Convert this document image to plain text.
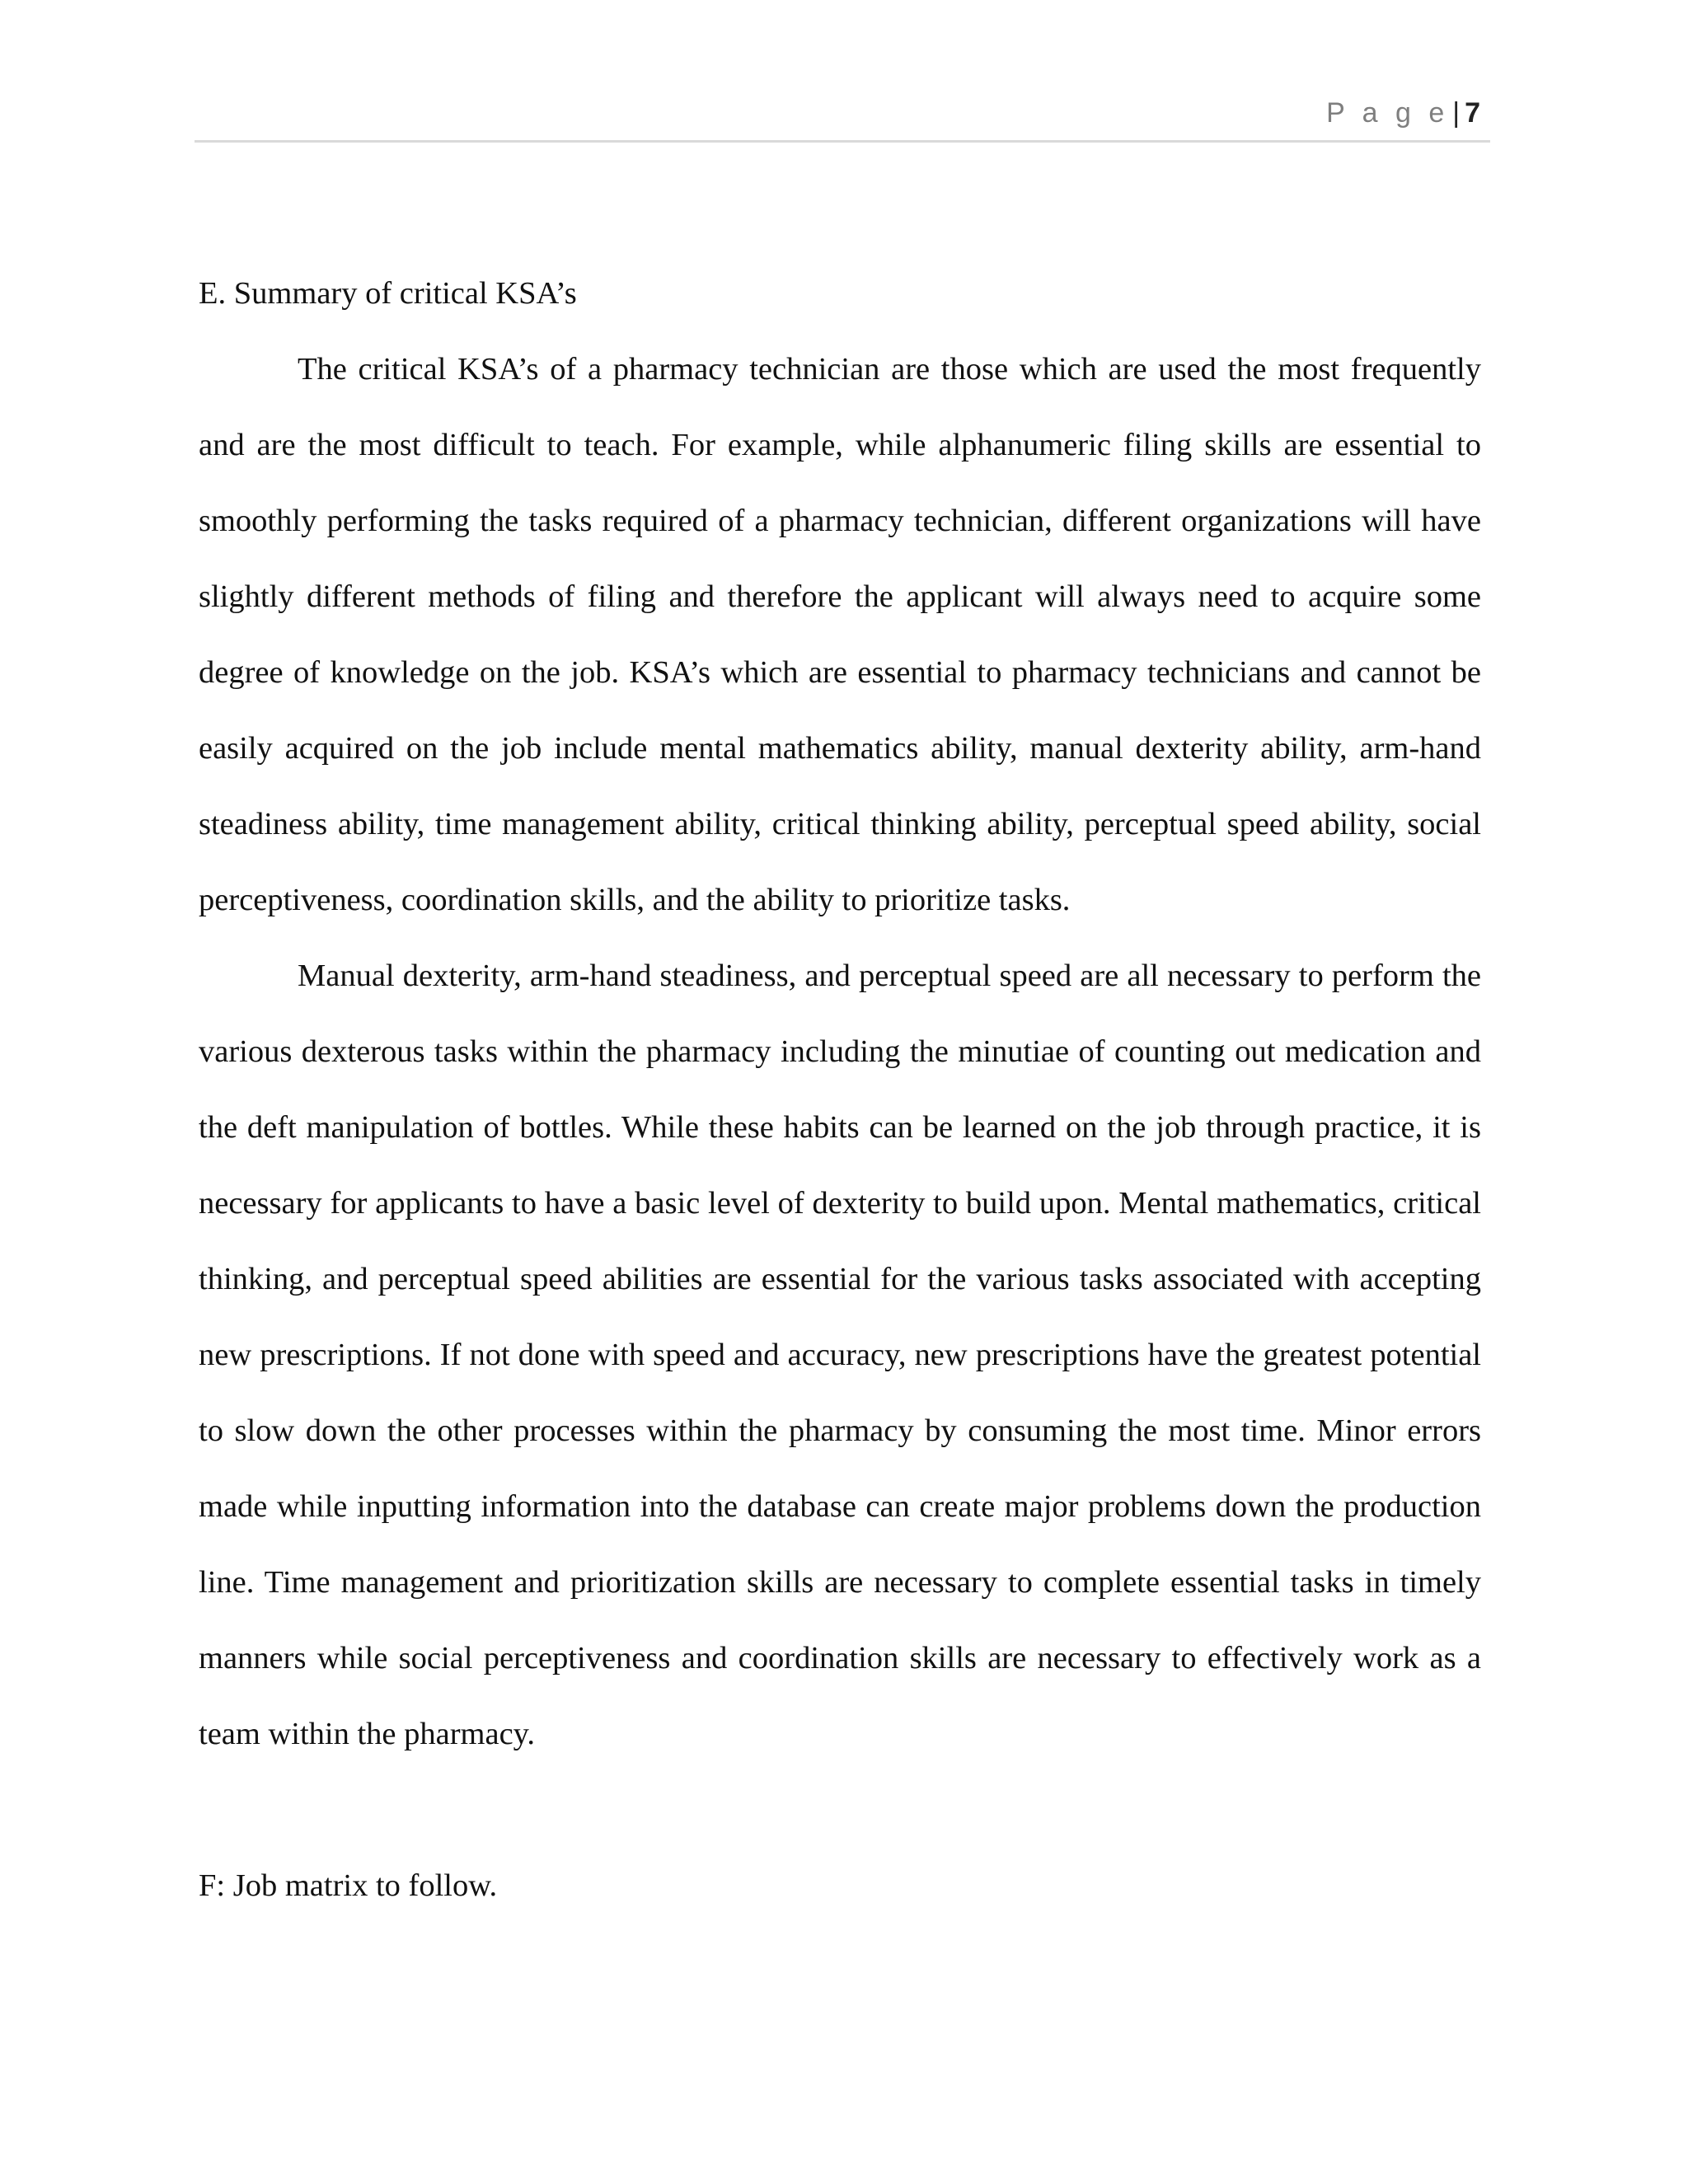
P a g e | 7

E. Summary of critical KSA’s

The critical KSA’s of a pharmacy technician are those which are used the most frequently and are the most difficult to teach. For example, while alphanumeric filing skills are essential to smoothly performing the tasks required of a pharmacy technician, different organizations will have slightly different methods of filing and therefore the applicant will always need to acquire some degree of knowledge on the job. KSA’s which are essential to pharmacy technicians and cannot be easily acquired on the job include mental mathematics ability, manual dexterity ability, arm-hand steadiness ability, time management ability, critical thinking ability, perceptual speed ability, social perceptiveness, coordination skills, and the ability to prioritize tasks.

Manual dexterity, arm-hand steadiness, and perceptual speed are all necessary to perform the various dexterous tasks within the pharmacy including the minutiae of counting out medication and the deft manipulation of bottles. While these habits can be learned on the job through practice, it is necessary for applicants to have a basic level of dexterity to build upon. Mental mathematics, critical thinking, and perceptual speed abilities are essential for the various tasks associated with accepting new prescriptions. If not done with speed and accuracy, new prescriptions have the greatest potential to slow down the other processes within the pharmacy by consuming the most time. Minor errors made while inputting information into the database can create major problems down the production line. Time management and prioritization skills are necessary to complete essential tasks in timely manners while social perceptiveness and coordination skills are necessary to effectively work as a team within the pharmacy.

F: Job matrix to follow.
